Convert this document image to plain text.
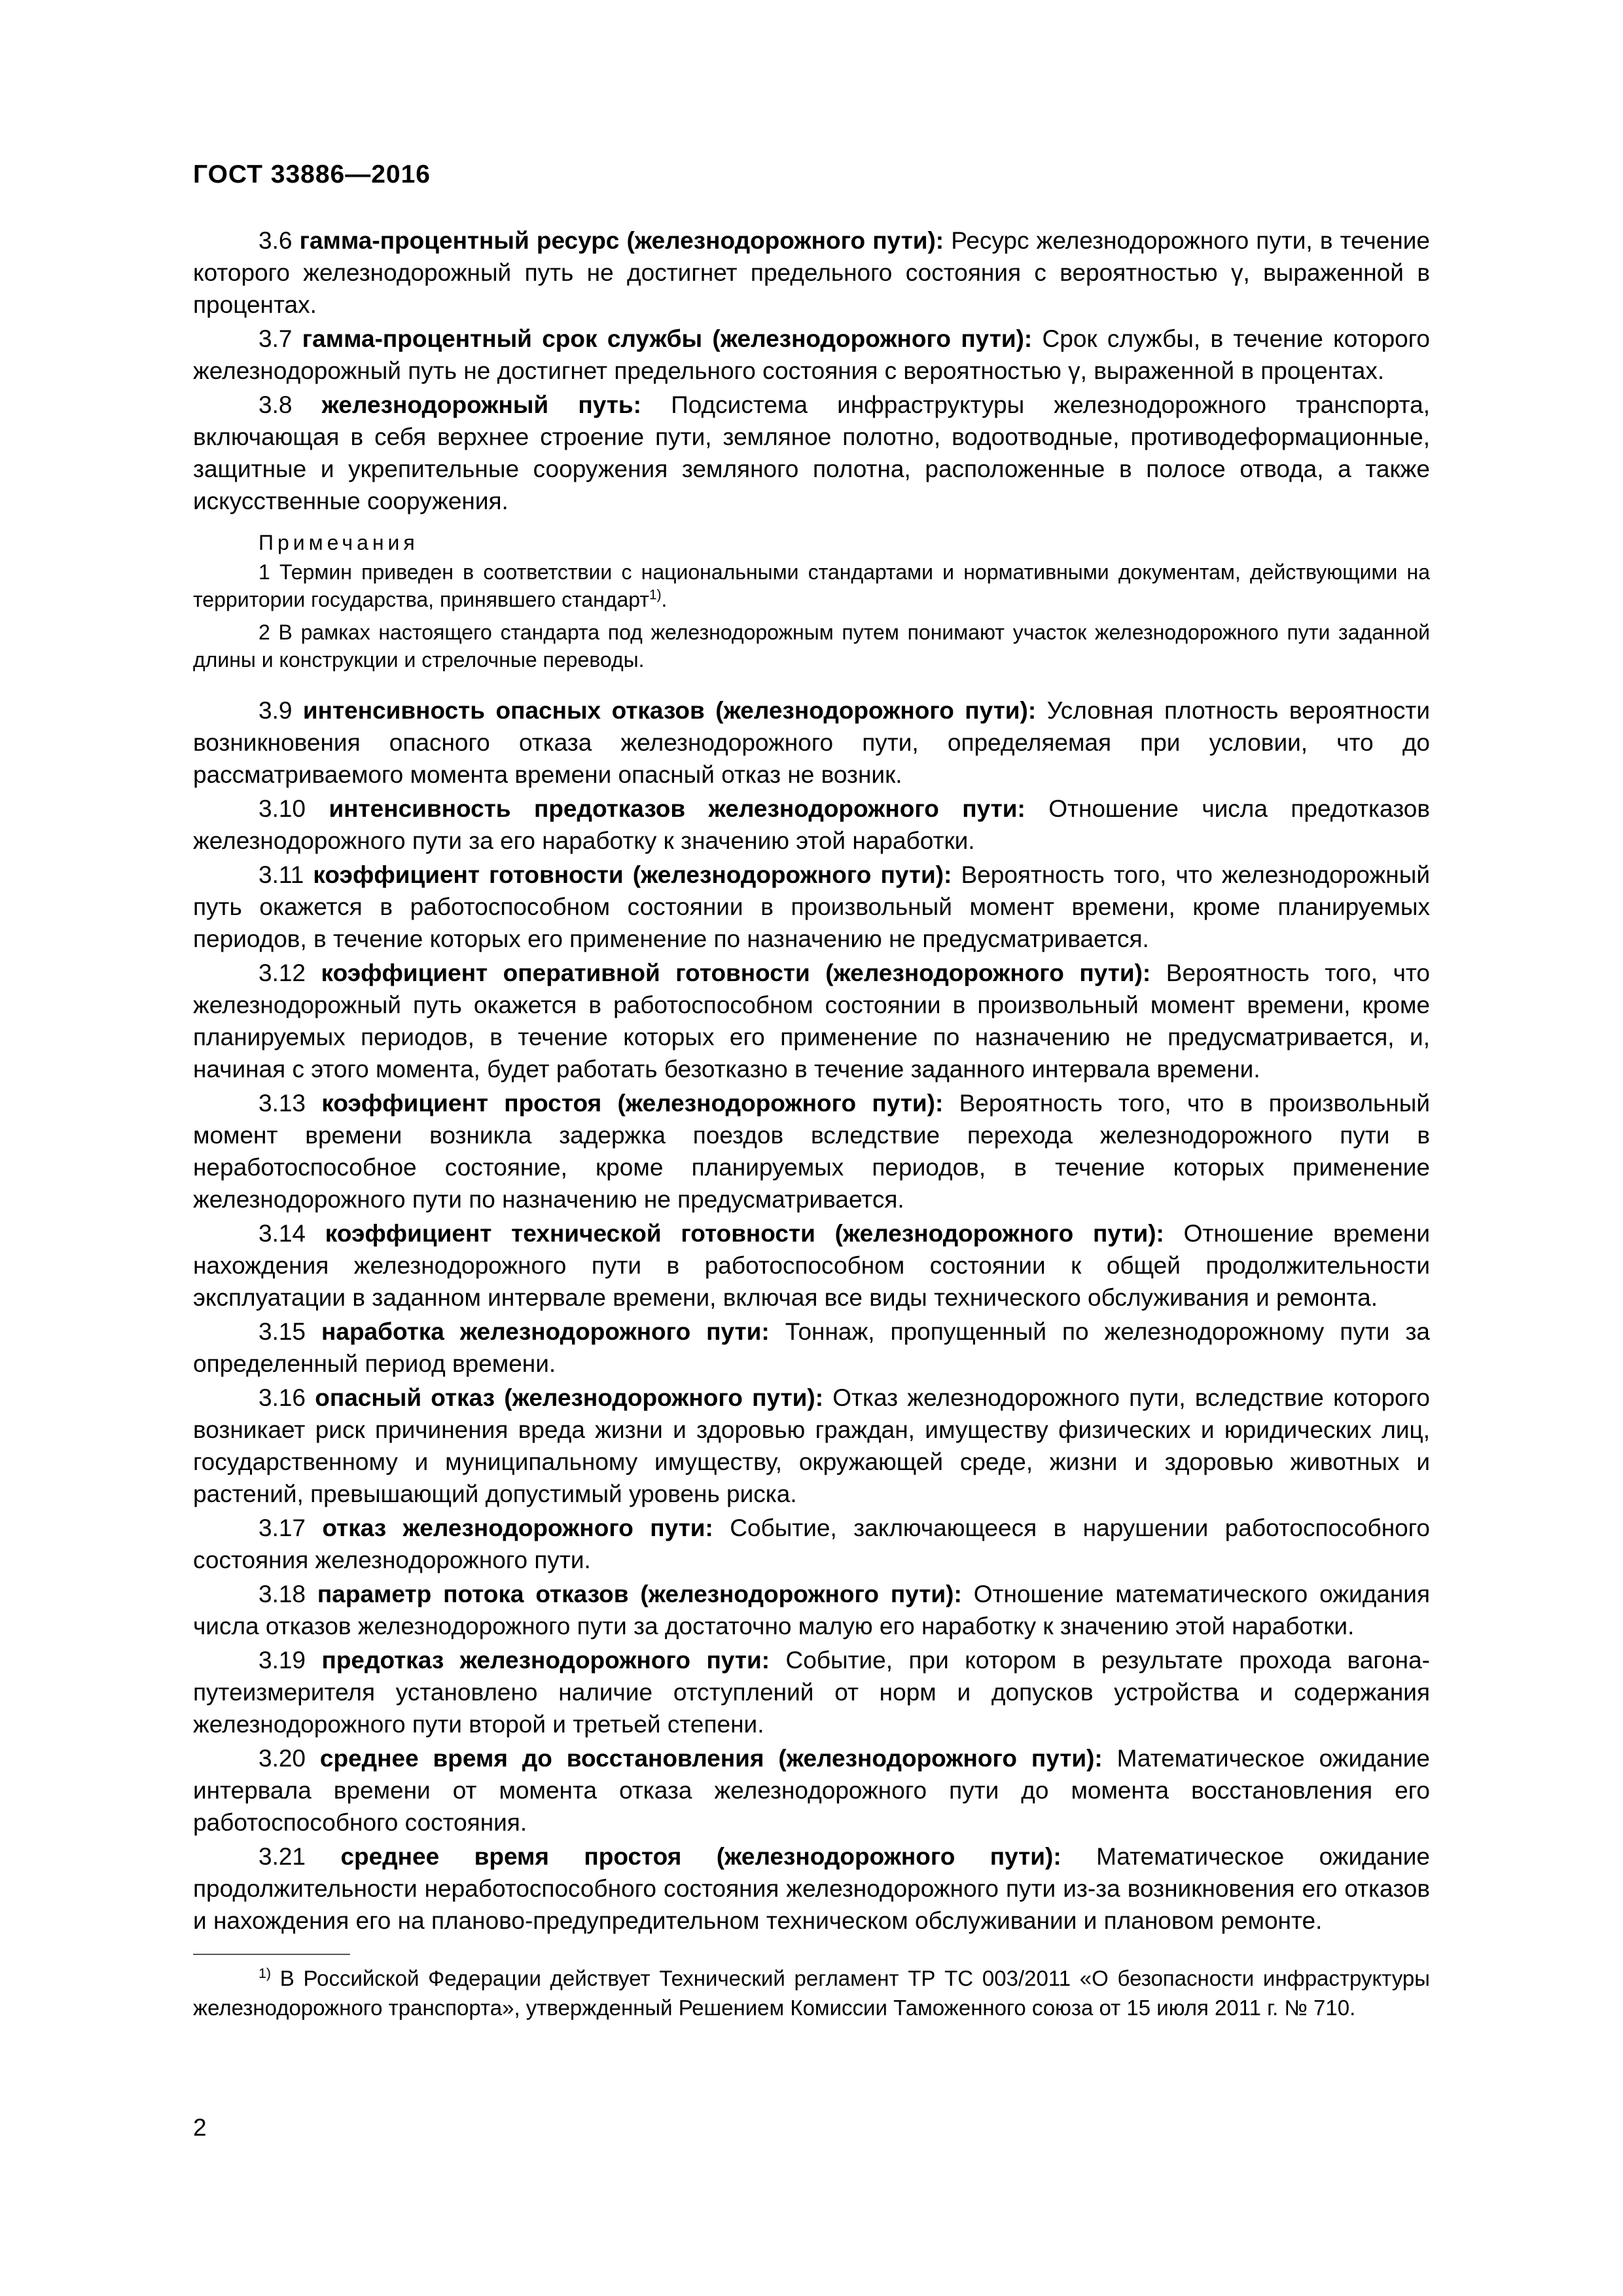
ГОСТ 33886—2016

3.6 гамма-процентный ресурс (железнодорожного пути): Ресурс железнодорожного пути, в течение которого железнодорожный путь не достигнет предельного состояния с вероятностью γ, выраженной в процентах.

3.7 гамма-процентный срок службы (железнодорожного пути): Срок службы, в течение которого железнодорожный путь не достигнет предельного состояния с вероятностью γ, выраженной в процентах.

3.8 железнодорожный путь: Подсистема инфраструктуры железнодорожного транспорта, включающая в себя верхнее строение пути, земляное полотно, водоотводные, противодеформационные, защитные и укрепительные сооружения земляного полотна, расположенные в полосе отвода, а также искусственные сооружения.

Примечания
1 Термин приведен в соответствии с национальными стандартами и нормативными документам, действующими на территории государства, принявшего стандарт$^{1)}$.
2 В рамках настоящего стандарта под железнодорожным путем понимают участок железнодорожного пути заданной длины и конструкции и стрелочные переводы.

3.9 интенсивность опасных отказов (железнодорожного пути): Условная плотность вероятности возникновения опасного отказа железнодорожного пути, определяемая при условии, что до рассматриваемого момента времени опасный отказ не возник.

3.10 интенсивность предотказов железнодорожного пути: Отношение числа предотказов железнодорожного пути за его наработку к значению этой наработки.

3.11 коэффициент готовности (железнодорожного пути): Вероятность того, что железнодорожный путь окажется в работоспособном состоянии в произвольный момент времени, кроме планируемых периодов, в течение которых его применение по назначению не предусматривается.

3.12 коэффициент оперативной готовности (железнодорожного пути): Вероятность того, что железнодорожный путь окажется в работоспособном состоянии в произвольный момент времени, кроме планируемых периодов, в течение которых его применение по назначению не предусматривается, и, начиная с этого момента, будет работать безотказно в течение заданного интервала времени.

3.13 коэффициент простоя (железнодорожного пути): Вероятность того, что в произвольный момент времени возникла задержка поездов вследствие перехода железнодорожного пути в неработоспособное состояние, кроме планируемых периодов, в течение которых применение железнодорожного пути по назначению не предусматривается.

3.14 коэффициент технической готовности (железнодорожного пути): Отношение времени нахождения железнодорожного пути в работоспособном состоянии к общей продолжительности эксплуатации в заданном интервале времени, включая все виды технического обслуживания и ремонта.

3.15 наработка железнодорожного пути: Тоннаж, пропущенный по железнодорожному пути за определенный период времени.

3.16 опасный отказ (железнодорожного пути): Отказ железнодорожного пути, вследствие которого возникает риск причинения вреда жизни и здоровью граждан, имуществу физических и юридических лиц, государственному и муниципальному имуществу, окружающей среде, жизни и здоровью животных и растений, превышающий допустимый уровень риска.

3.17 отказ железнодорожного пути: Событие, заключающееся в нарушении работоспособного состояния железнодорожного пути.

3.18 параметр потока отказов (железнодорожного пути): Отношение математического ожидания числа отказов железнодорожного пути за достаточно малую его наработку к значению этой наработки.

3.19 предотказ железнодорожного пути: Событие, при котором в результате прохода вагона-путеизмерителя установлено наличие отступлений от норм и допусков устройства и содержания железнодорожного пути второй и третьей степени.

3.20 среднее время до восстановления (железнодорожного пути): Математическое ожидание интервала времени от момента отказа железнодорожного пути до момента восстановления его работоспособного состояния.

3.21 среднее время простоя (железнодорожного пути): Математическое ожидание продолжительности неработоспособного состояния железнодорожного пути из-за возникновения его отказов и нахождения его на планово-предупредительном техническом обслуживании и плановом ремонте.

$^{1)}$ В Российской Федерации действует Технический регламент ТР ТС 003/2011 «О безопасности инфраструктуры железнодорожного транспорта», утвержденный Решением Комиссии Таможенного союза от 15 июля 2011 г. № 710.
2
